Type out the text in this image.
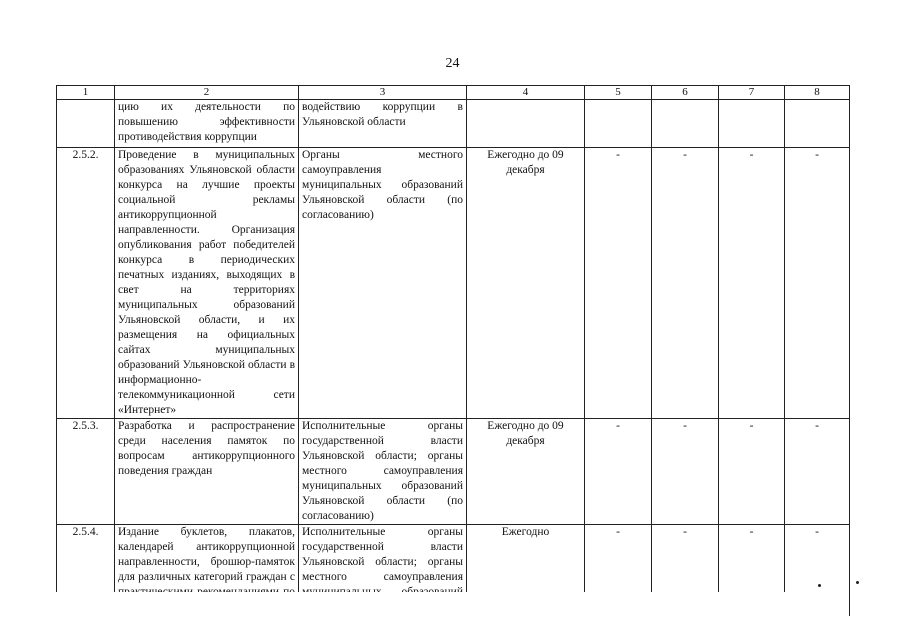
24
1	2	3	4	5	6	7	8
	цию их деятельности по повышению эффективности противодействия коррупции	водействию коррупции в Ульяновской области					
2.5.2.	Проведение в муниципальных образованиях Ульяновской области конкурса на лучшие проекты социальной рекламы антикоррупционной направленности. Организация опубликования работ победителей конкурса в периодических печатных изданиях, выходящих в свет на территориях муниципальных образований Ульяновской области, и их размещения на официальных сайтах муниципальных образований Ульяновской области в информационно-телекоммуникационной сети «Интернет»	Органы местного самоуправления муниципальных образований Ульяновской области (по согласованию)	Ежегодно до 09 декабря	-	-	-	-
2.5.3.	Разработка и распространение среди населения памяток по вопросам антикоррупционного поведения граждан	Исполнительные органы государственной власти Ульяновской области; органы местного самоуправления муниципальных образований Ульяновской области (по согласованию)	Ежегодно до 09 декабря	-	-	-	-
2.5.4.	Издание буклетов, плакатов, календарей антикоррупционной направленности, брошюр-памяток для различных категорий граждан с	Исполнительные органы государственной власти Ульяновской области; органы местного самоуправления	Ежегодно	-	-	-	-
